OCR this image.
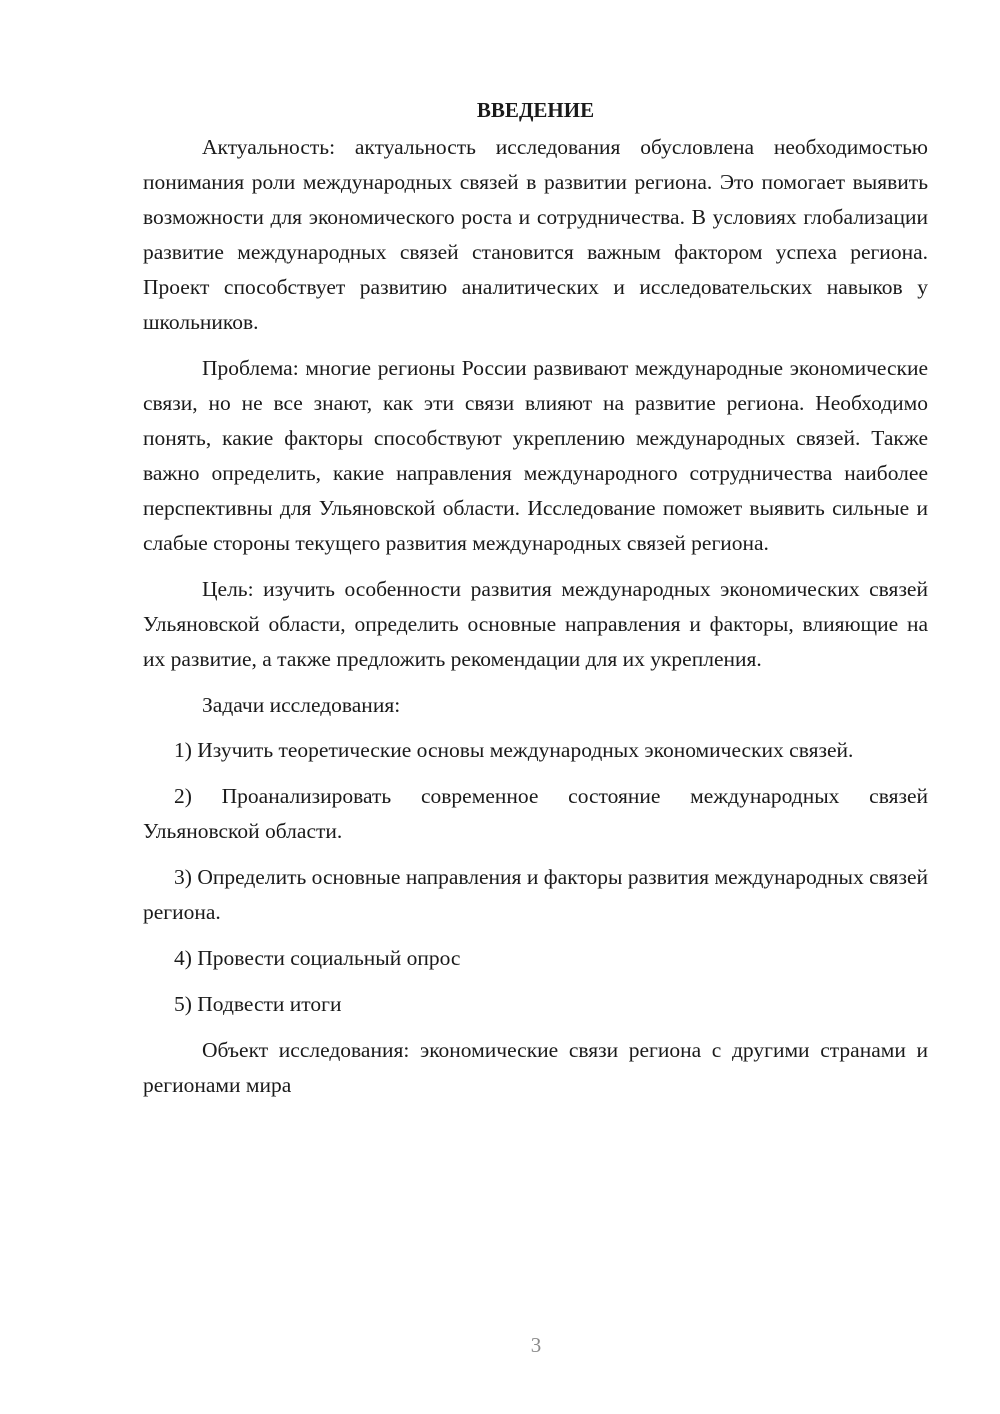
ВВЕДЕНИЕ

Актуальность: актуальность исследования обусловлена необходимостью понимания роли международных связей в развитии региона. Это помогает выявить возможности для экономического роста и сотрудничества. В условиях глобализации развитие международных связей становится важным фактором успеха региона. Проект способствует развитию аналитических и исследовательских навыков у школьников.

Проблема: многие регионы России развивают международные экономические связи, но не все знают, как эти связи влияют на развитие региона. Необходимо понять, какие факторы способствуют укреплению международных связей. Также важно определить, какие направления международного сотрудничества наиболее перспективны для Ульяновской области. Исследование поможет выявить сильные и слабые стороны текущего развития международных связей региона.

Цель: изучить особенности развития международных экономических связей Ульяновской области, определить основные направления и факторы, влияющие на их развитие, а также предложить рекомендации для их укрепления.

Задачи исследования:

1) Изучить теоретические основы международных экономических связей.

2) Проанализировать современное состояние международных связей Ульяновской области.

3) Определить основные направления и факторы развития международных связей региона.

4) Провести социальный опрос

5) Подвести итоги

Объект исследования: экономические связи региона с другими странами и регионами мира

3
